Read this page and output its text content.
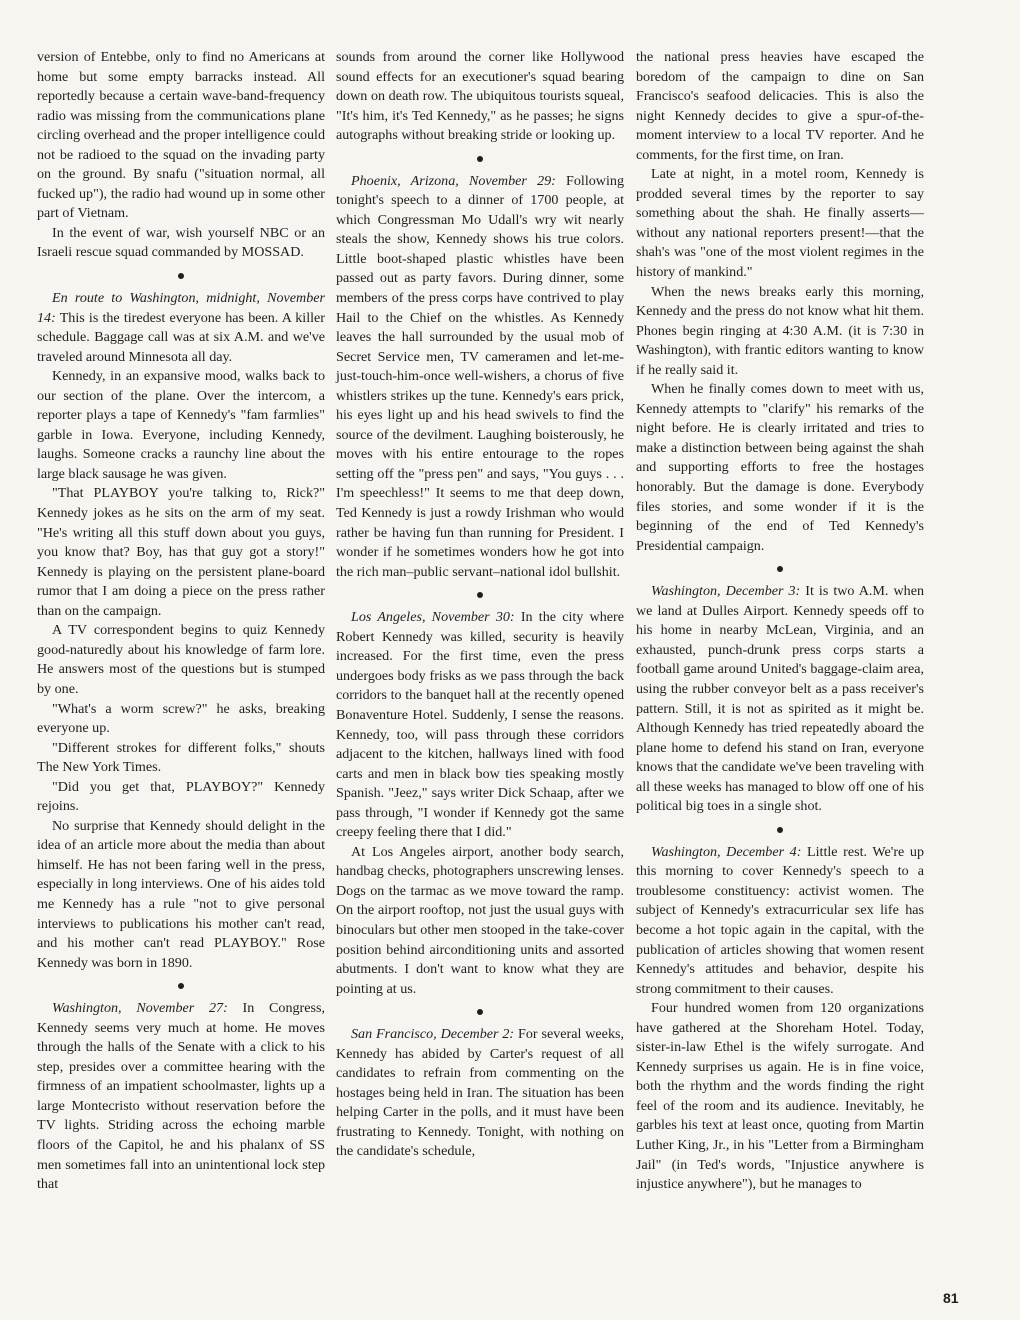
version of Entebbe, only to find no Americans at home but some empty barracks instead. All reportedly because a certain wave-band-frequency radio was missing from the communications plane circling overhead and the proper intelligence could not be radioed to the squad on the invading party on the ground. By snafu ("situation normal, all fucked up"), the radio had wound up in some other part of Vietnam.

In the event of war, wish yourself NBC or an Israeli rescue squad commanded by MOSSAD.

En route to Washington, midnight, November 14: This is the tiredest everyone has been. A killer schedule. Baggage call was at six A.M. and we've traveled around Minnesota all day.

Kennedy, in an expansive mood, walks back to our section of the plane. Over the intercom, a reporter plays a tape of Kennedy's "fam farmlies" garble in Iowa. Everyone, including Kennedy, laughs. Someone cracks a raunchy line about the large black sausage he was given.

"That PLAYBOY you're talking to, Rick?" Kennedy jokes as he sits on the arm of my seat. "He's writing all this stuff down about you guys, you know that? Boy, has that guy got a story!" Kennedy is playing on the persistent plane-board rumor that I am doing a piece on the press rather than on the campaign.

A TV correspondent begins to quiz Kennedy good-naturedly about his knowledge of farm lore. He answers most of the questions but is stumped by one.

"What's a worm screw?" he asks, breaking everyone up.

"Different strokes for different folks," shouts The New York Times.

"Did you get that, PLAYBOY?" Kennedy rejoins.

No surprise that Kennedy should delight in the idea of an article more about the media than about himself. He has not been faring well in the press, especially in long interviews. One of his aides told me Kennedy has a rule "not to give personal interviews to publications his mother can't read, and his mother can't read PLAYBOY." Rose Kennedy was born in 1890.

Washington, November 27: In Congress, Kennedy seems very much at home. He moves through the halls of the Senate with a click to his step, presides over a committee hearing with the firmness of an impatient schoolmaster, lights up a large Montecristo without reservation before the TV lights. Striding across the echoing marble floors of the Capitol, he and his phalanx of SS men sometimes fall into an unintentional lock step that

sounds from around the corner like Hollywood sound effects for an executioner's squad bearing down on death row. The ubiquitous tourists squeal, "It's him, it's Ted Kennedy," as he passes; he signs autographs without breaking stride or looking up.

Phoenix, Arizona, November 29: Following tonight's speech to a dinner of 1700 people, at which Congressman Mo Udall's wry wit nearly steals the show, Kennedy shows his true colors. Little boot-shaped plastic whistles have been passed out as party favors. During dinner, some members of the press corps have contrived to play Hail to the Chief on the whistles. As Kennedy leaves the hall surrounded by the usual mob of Secret Service men, TV cameramen and let-me-just-touch-him-once well-wishers, a chorus of five whistlers strikes up the tune. Kennedy's ears prick, his eyes light up and his head swivels to find the source of the devilment. Laughing boisterously, he moves with his entire entourage to the ropes setting off the "press pen" and says, "You guys . . . I'm speechless!" It seems to me that deep down, Ted Kennedy is just a rowdy Irishman who would rather be having fun than running for President. I wonder if he sometimes wonders how he got into the rich man–public servant–national idol bullshit.

Los Angeles, November 30: In the city where Robert Kennedy was killed, security is heavily increased. For the first time, even the press undergoes body frisks as we pass through the back corridors to the banquet hall at the recently opened Bonaventure Hotel. Suddenly, I sense the reasons. Kennedy, too, will pass through these corridors adjacent to the kitchen, hallways lined with food carts and men in black bow ties speaking mostly Spanish. "Jeez," says writer Dick Schaap, after we pass through, "I wonder if Kennedy got the same creepy feeling there that I did."

At Los Angeles airport, another body search, handbag checks, photographers unscrewing lenses. Dogs on the tarmac as we move toward the ramp. On the airport rooftop, not just the usual guys with binoculars but other men stooped in the take-cover position behind airconditioning units and assorted abutments. I don't want to know what they are pointing at us.

San Francisco, December 2: For several weeks, Kennedy has abided by Carter's request of all candidates to refrain from commenting on the hostages being held in Iran. The situation has been helping Carter in the polls, and it must have been frustrating to Kennedy. Tonight, with nothing on the candidate's schedule,

the national press heavies have escaped the boredom of the campaign to dine on San Francisco's seafood delicacies. This is also the night Kennedy decides to give a spur-of-the-moment interview to a local TV reporter. And he comments, for the first time, on Iran.

Late at night, in a motel room, Kennedy is prodded several times by the reporter to say something about the shah. He finally asserts—without any national reporters present!—that the shah's was "one of the most violent regimes in the history of mankind."

When the news breaks early this morning, Kennedy and the press do not know what hit them. Phones begin ringing at 4:30 A.M. (it is 7:30 in Washington), with frantic editors wanting to know if he really said it.

When he finally comes down to meet with us, Kennedy attempts to "clarify" his remarks of the night before. He is clearly irritated and tries to make a distinction between being against the shah and supporting efforts to free the hostages honorably. But the damage is done. Everybody files stories, and some wonder if it is the beginning of the end of Ted Kennedy's Presidential campaign.

Washington, December 3: It is two A.M. when we land at Dulles Airport. Kennedy speeds off to his home in nearby McLean, Virginia, and an exhausted, punch-drunk press corps starts a football game around United's baggage-claim area, using the rubber conveyor belt as a pass receiver's pattern. Still, it is not as spirited as it might be. Although Kennedy has tried repeatedly aboard the plane home to defend his stand on Iran, everyone knows that the candidate we've been traveling with all these weeks has managed to blow off one of his political big toes in a single shot.

Washington, December 4: Little rest. We're up this morning to cover Kennedy's speech to a troublesome constituency: activist women. The subject of Kennedy's extracurricular sex life has become a hot topic again in the capital, with the publication of articles showing that women resent Kennedy's attitudes and behavior, despite his strong commitment to their causes.

Four hundred women from 120 organizations have gathered at the Shoreham Hotel. Today, sister-in-law Ethel is the wifely surrogate. And Kennedy surprises us again. He is in fine voice, both the rhythm and the words finding the right feel of the room and its audience. Inevitably, he garbles his text at least once, quoting from Martin Luther King, Jr., in his "Letter from a Birmingham Jail" (in Ted's words, "Injustice anywhere is injustice anywhere"), but he manages to

81
